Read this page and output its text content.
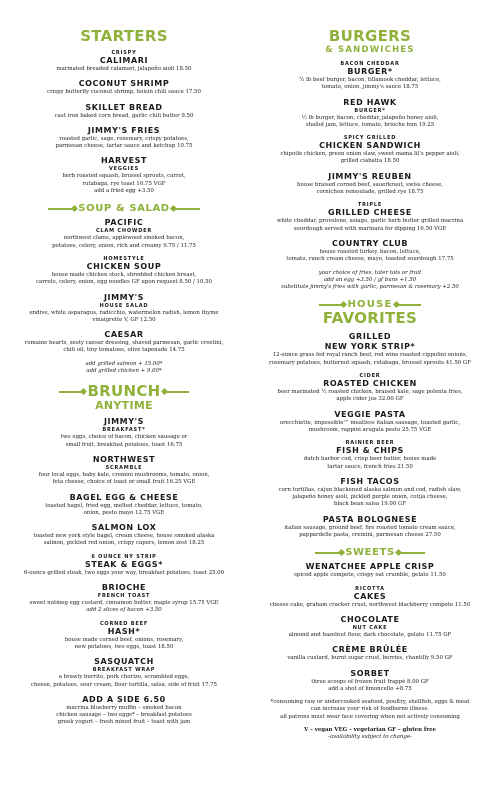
STARTERS
CRISPY
CALIMARI
marinated breaded calamari, jalapeño aioli 18.50
COCONUT SHRIMP
crispy butterfly coconut shrimp, hoisin chili sauce 17.50
SKILLET BREAD
cast iron baked corn bread, garlic chili butter 9.50
JIMMY'S FRIES
roasted garlic, sage, rosemary, crispy potatoes,
parmesan cheese, tartar sauce and ketchup 10.75
HARVEST
VEGGIES
herb roasted squash, brussel sprouts, carrot,
rutabaga, rye toast 10.75 VGF
add a fried egg +3.50
SOUP & SALAD
PACIFIC
CLAM CHOWDER
northwest clams, applewood smoked bacon,
potatoes, celery, onion, rich and creamy 9.75 / 11.75
HOMESTYLE
CHICKEN SOUP
house made chicken stock, shredded chicken breast,
carrots, celery, onion, egg noodles GF upon request 8.50 / 10.50
JIMMY'S
HOUSE SALAD
endive, white asparagus, radicchio, watermelon radish, lemon thyme
vinaigrette V, GF 12.50
CAESAR
romaine hearts, zesty caesar dressing, shaved parmesan, garlic crostini,
chili oil, tiny tomatoes, olive tapenade 14.75
add grilled salmon + 15.00*
add grilled chicken + 9.00*
BRUNCH
ANYTIME
JIMMY'S
BREAKFAST*
two eggs, choice of bacon, chicken sausage or
small fruit, breakfast potatoes, toast 16.75
NORTHWEST
SCRAMBLE
four local eggs, baby kale, cremini mushrooms, tomato, onion,
feta cheese, choice of toast or small fruit 16.25 VGE
BAGEL EGG & CHEESE
toasted bagel, fried egg, melted cheddar, lettuce, tomato,
onion, pesto mayo 12.75 VGE
SALMON LOX
toasted new york style bagel, cream cheese, house smoked alaska
salmon, pickled red onion, crispy capers, lemon zest 18.25
6 OUNCE NY STRIP
STEAK & EGGS*
6-ounce grilled steak, two eggs your way, breakfast potatoes, toast 25.00
BRIOCHE
FRENCH TOAST
sweet nutmeg egg custard, cinnamon butter, maple syrup 15.75 VGE
add 2 slices of bacon +3.50
CORNED BEEF
HASH*
house made corned beef, onions, rosemary,
new potatoes, two eggs, toast 18.50
SASQUATCH
BREAKFAST WRAP
a brawly burrito, pork chorizo, scrambled eggs,
cheese, potatoes, sour cream, flour tortilla, salsa, side of fruit 17.75
ADD A SIDE 6.50
macrina blueberry muffin – smoked bacon
chicken sausage – two eggs* – breakfast potatoes
greek yogurt – fresh mixed fruit – toast with jam
BURGERS
& SANDWICHES
BACON CHEDDAR
BURGER*
½ lb beef burger, bacon, tillamook cheddar, lettuce,
tomato, onion, jimmy's sauce 18.75
RED HAWK
BURGER*
½ lb burger, bacon, cheddar, jalapeño honey aioli,
shallot jam, lettuce, tomato, brioche bun 19.25
SPICY GRILLED
CHICKEN SANDWICH
chipotle chicken, green onion slaw, sweet mama lil's pepper aioli,
grilled ciabatta 18.50
JIMMY'S REUBEN
house braised corned beef, sauerkraut, swiss cheese,
cornichon remoulade, grilled rye 18.75
TRIPLE
GRILLED CHEESE
white cheddar, provolone, asiago, garlic herb butter grilled macrina
sourdough served with marinara for dipping 16.50 VGE
COUNTRY CLUB
house roasted turkey, bacon, lettuce,
tomato, ranch cream cheese, mayo, toasted sourdough 17.75
your choice of fries, tater tots or fruit
add an egg +3.50 / gf buns +1.50
substitute jimmy's fries with garlic, parmesan & rosemary +2.50
HOUSE
FAVORITES
GRILLED
NEW YORK STRIP*
12-ounce grass fed royal ranch beef, red wine roasted cippolini onions,
rosemary potatoes, butternut squash, rutabaga, brussel sprouts 41.50 GF
CIDER
ROASTED CHICKEN
beer marinated ½ roasted chicken, braised kale, sage polenta fries,
apple cider jus 32.00 GF
VEGGIE PASTA
orecchiette, impossible™ meatless italian sausage, toasted garlic,
mushroom, rappini arugula pesto 25.75 VGE
RAINIER BEER
FISH & CHIPS
dutch harbor cod, crisp beer batter, house made
tartar sauce, french fries 21.50
FISH TACOS
corn tortillas, cajun blackened alaska salmon and cod, radish slaw,
jalapeño honey aioli, pickled purple onion, cotija cheese,
black bean salsa 19.00 GF
PASTA BOLOGNESE
italian sausage, ground beef, fire roasted tomato cream sauce,
pappardelle pasta, cremini, parmesan cheese 27.50
SWEETS
WENATCHEE APPLE CRISP
spiced apple compote, crispy oat crumble, gelato 11.50
RICOTTA
CAKES
cheese cake, graham cracker crust, northwest blackberry compote 11.50
CHOCOLATE
NUT CAKE
almond and hazelnut flour, dark chocolate, gelato 11.75 GF
CRÈME BRÛLÉE
vanilla custard, burnt sugar crust, berries, chantilly 9.50 GF
SORBET
three scoops of frozen fruit frappé 8.00 GF
add a shot of limoncello +8.75
*consuming raw or undercooked seafood, poultry, shellfish, eggs & meat
can increase your risk of foodborne illness.
all patrons must wear face covering when not actively consuming
V – vegan VEG – vegetarian GF – gluten free
-availability subject to change-
